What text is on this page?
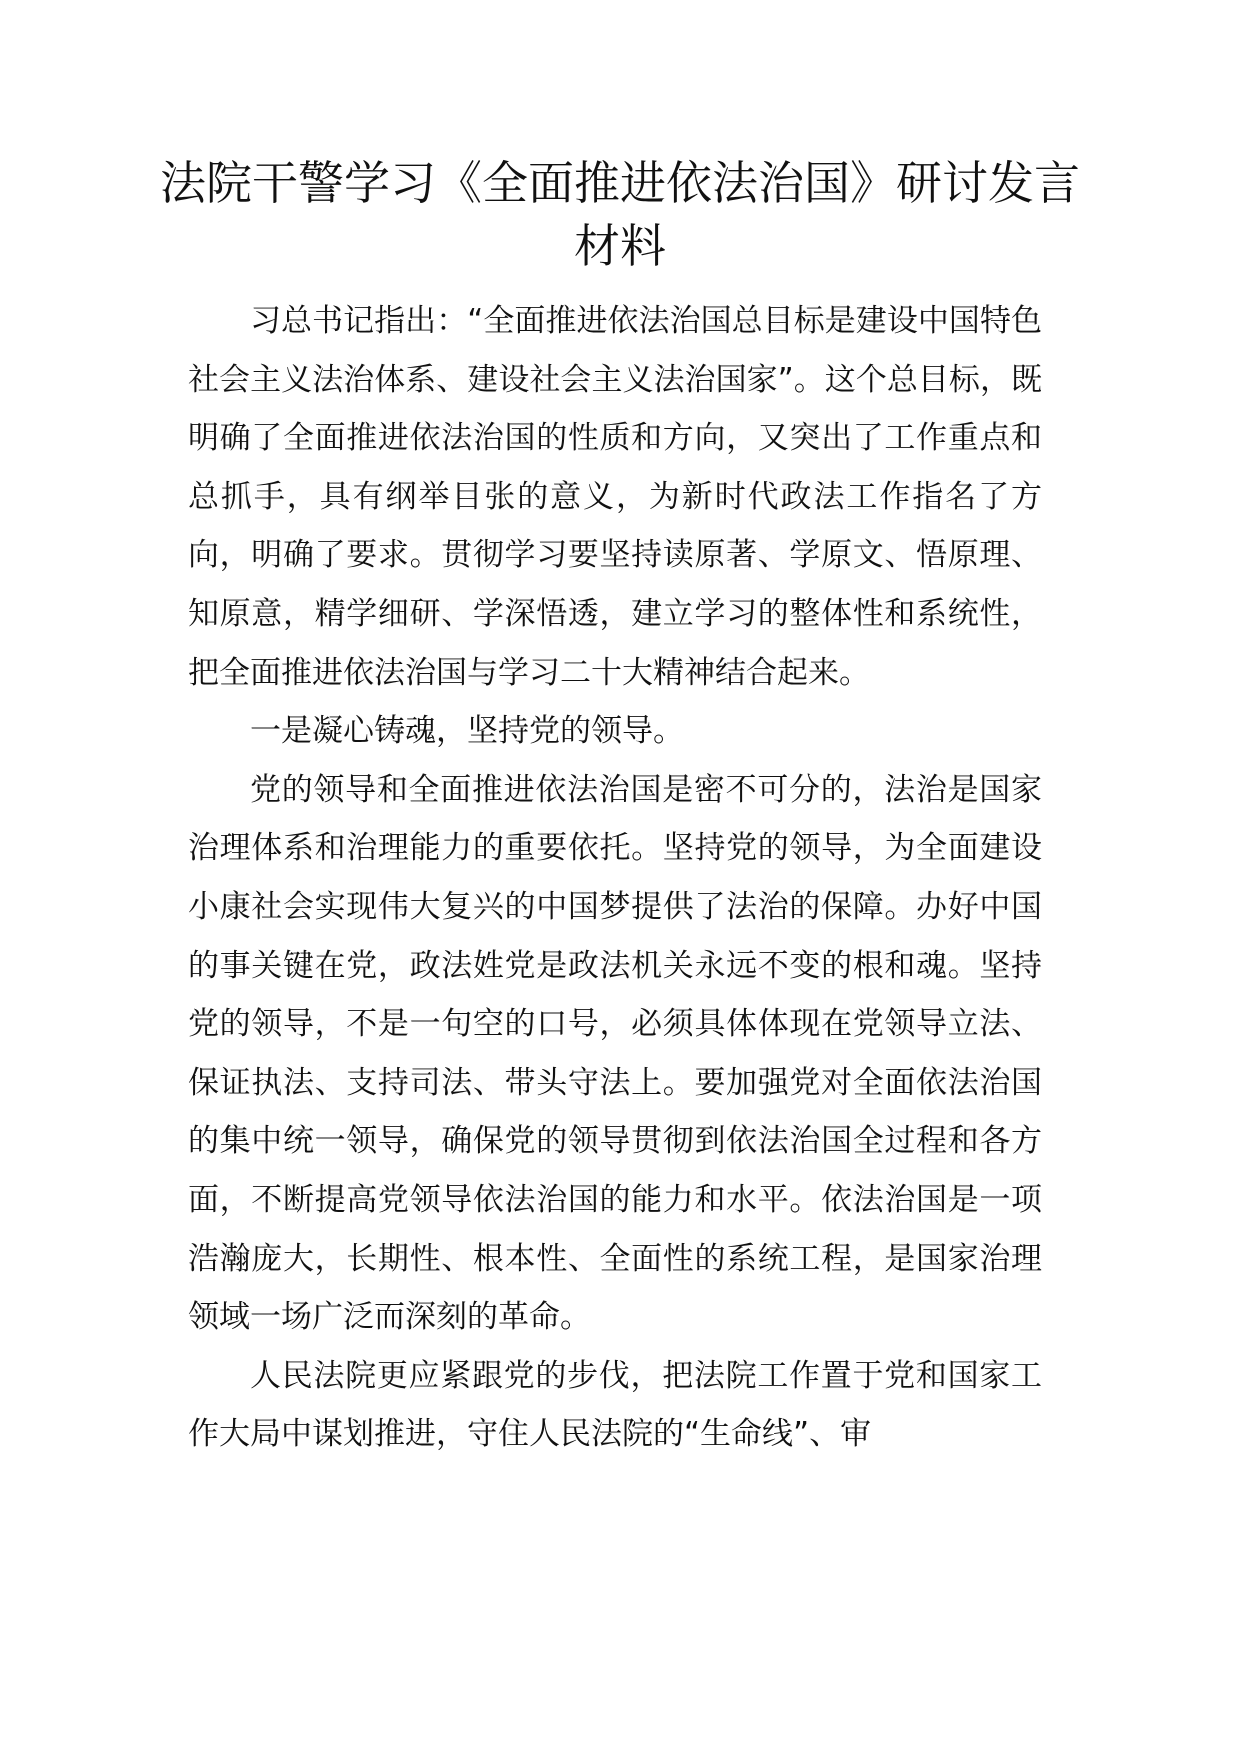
法院干警学习《全面推进依法治国》研讨发言材料

习总书记指出：“全面推进依法治国总目标是建设中国特色社会主义法治体系、建设社会主义法治国家”。这个总目标，既明确了全面推进依法治国的性质和方向，又突出了工作重点和总抓手，具有纲举目张的意义，为新时代政法工作指名了方向，明确了要求。贯彻学习要坚持读原著、学原文、悟原理、知原意，精学细研、学深悟透，建立学习的整体性和系统性，把全面推进依法治国与学习二十大精神结合起来。

一是凝心铸魂，坚持党的领导。

党的领导和全面推进依法治国是密不可分的，法治是国家治理体系和治理能力的重要依托。坚持党的领导，为全面建设小康社会实现伟大复兴的中国梦提供了法治的保障。办好中国的事关键在党，政法姓党是政法机关永远不变的根和魂。坚持党的领导，不是一句空的口号，必须具体体现在党领导立法、保证执法、支持司法、带头守法上。要加强党对全面依法治国的集中统一领导，确保党的领导贯彻到依法治国全过程和各方面，不断提高党领导依法治国的能力和水平。依法治国是一项浩瀚庞大，长期性、根本性、全面性的系统工程，是国家治理领域一场广泛而深刻的革命。

人民法院更应紧跟党的步伐，把法院工作置于党和国家工作大局中谋划推进，守住人民法院的“生命线”、审
